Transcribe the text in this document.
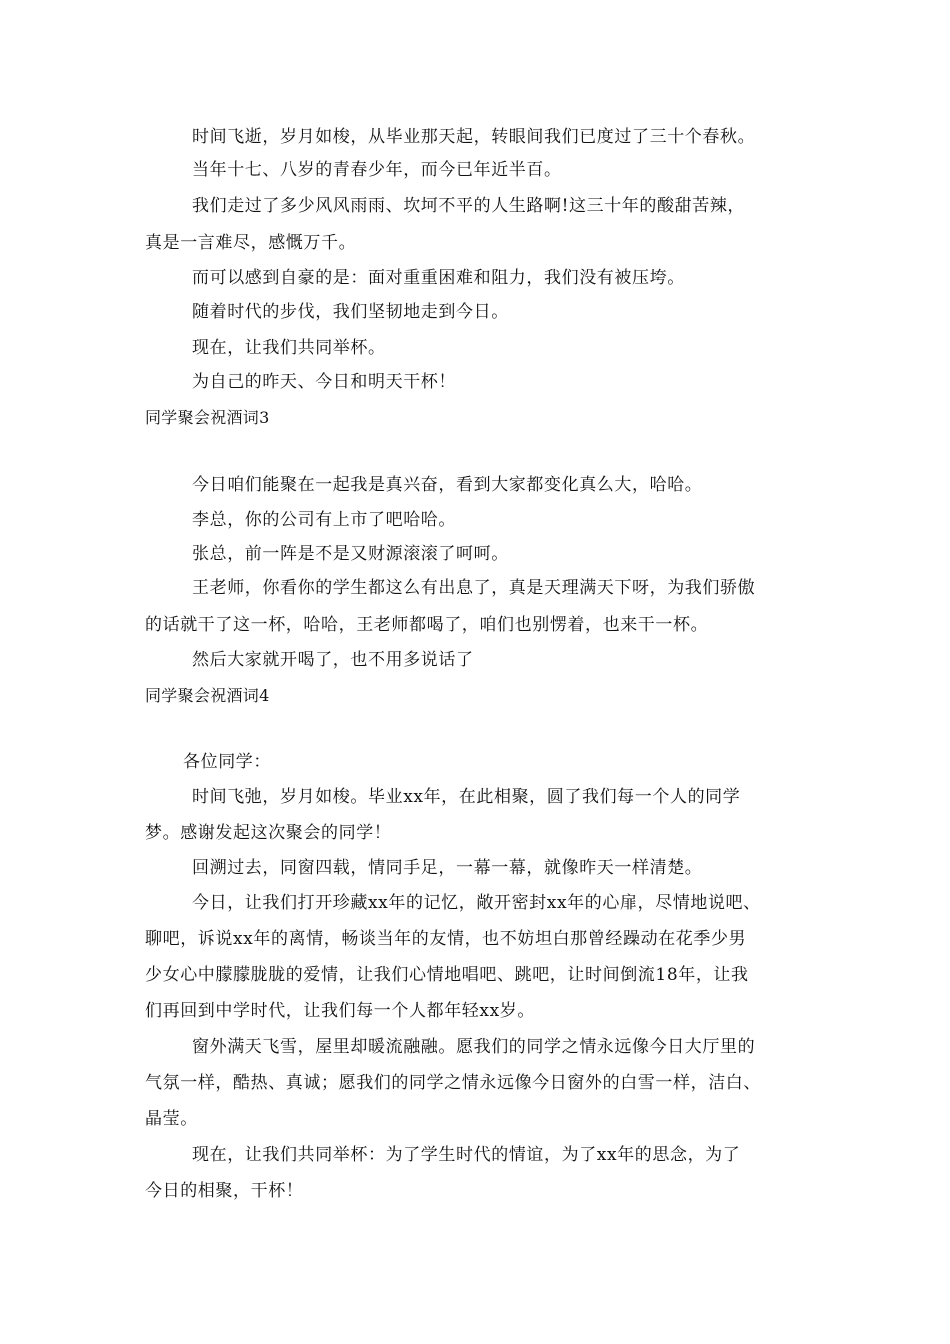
时间飞逝，岁月如梭，从毕业那天起，转眼间我们已度过了三十个春秋。
当年十七、八岁的青春少年，而今已年近半百。
我们走过了多少风风雨雨、坎坷不平的人生路啊!这三十年的酸甜苦辣，
真是一言难尽，感慨万千。
而可以感到自豪的是：面对重重困难和阻力，我们没有被压垮。
随着时代的步伐，我们坚韧地走到今日。
现在，让我们共同举杯。
为自己的昨天、今日和明天干杯！
同学聚会祝酒词3
今日咱们能聚在一起我是真兴奋，看到大家都变化真么大，哈哈。
李总，你的公司有上市了吧哈哈。
张总，前一阵是不是又财源滚滚了呵呵。
王老师，你看你的学生都这么有出息了，真是天理满天下呀，为我们骄傲
的话就干了这一杯，哈哈，王老师都喝了，咱们也别愣着，也来干一杯。
然后大家就开喝了，也不用多说话了
同学聚会祝酒词4
各位同学：
时间飞弛，岁月如梭。毕业xx年，在此相聚，圆了我们每一个人的同学
梦。感谢发起这次聚会的同学！
回溯过去，同窗四载，情同手足，一幕一幕，就像昨天一样清楚。
今日，让我们打开珍藏xx年的记忆，敞开密封xx年的心扉，尽情地说吧、
聊吧，诉说xx年的离情，畅谈当年的友情，也不妨坦白那曾经躁动在花季少男
少女心中朦朦胧胧的爱情，让我们心情地唱吧、跳吧，让时间倒流18年，让我
们再回到中学时代，让我们每一个人都年轻xx岁。
窗外满天飞雪，屋里却暖流融融。愿我们的同学之情永远像今日大厅里的
气氛一样，酷热、真诚；愿我们的同学之情永远像今日窗外的白雪一样，洁白、
晶莹。
现在，让我们共同举杯：为了学生时代的情谊，为了xx年的思念，为了
今日的相聚，干杯！
